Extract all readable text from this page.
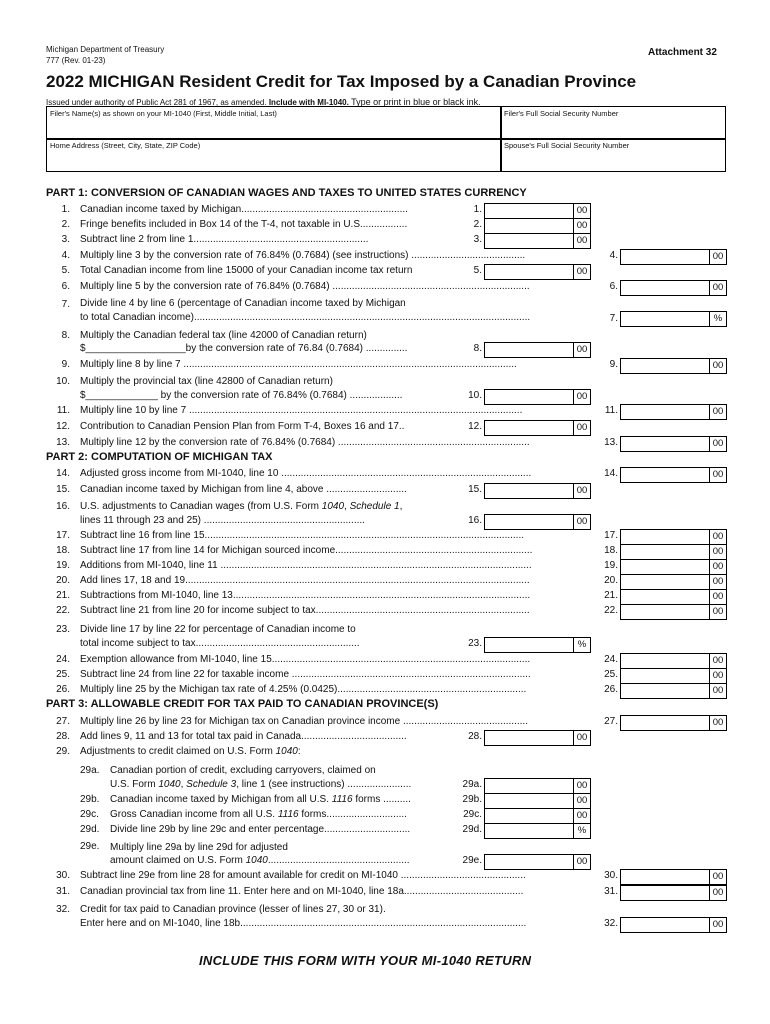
Michigan Department of Treasury
777 (Rev. 01-23)
Attachment 32
2022 MICHIGAN Resident Credit for Tax Imposed by a Canadian Province
Issued under authority of Public Act 281 of 1967, as amended. Include with MI-1040. Type or print in blue or black ink.
Filer's Name(s) as shown on your MI-1040 (First, Middle Initial, Last)	Filer's Full Social Security Number
Home Address (Street, City, State, ZIP Code)	Spouse's Full Social Security Number
PART 1: CONVERSION OF CANADIAN WAGES AND TAXES TO UNITED STATES CURRENCY
1. Canadian income taxed by Michigan............................................................	1.	00
2. Fringe benefits included in Box 14 of the T-4, not taxable in U.S.................	2.	00
3. Subtract line 2 from line 1...............................................................	3.	00
4. Multiply line 3 by the conversion rate of 76.84% (0.7684) (see instructions) .........................................	4.	00
5. Total Canadian income from line 15000 of your Canadian income tax return	5.	00
6. Multiply line 5 by the conversion rate of 76.84% (0.7684) .......................................................................	6.	00
7. Divide line 4 by line 6 (percentage of Canadian income taxed by Michigan
to total Canadian income).........................................................................................................................	7.	%
8. Multiply the Canadian federal tax (line 42000 of Canadian return)
$__________________by the conversion rate of 76.84 (0.7684) ...............	8.	00
9. Multiply line 8 by line 7 ........................................................................................................................	9.	00
10. Multiply the provincial tax (line 42800 of Canadian return)
$_____________ by the conversion rate of 76.84% (0.7684) ...................	10.	00
11. Multiply line 10 by line 7 ........................................................................................................................	11.	00
12. Contribution to Canadian Pension Plan from Form T-4, Boxes 16 and 17..	12.	00
13. Multiply line 12 by the conversion rate of 76.84% (0.7684) .....................................................................	13.	00
PART 2: COMPUTATION OF MICHIGAN TAX
14. Adjusted gross income from MI-1040, line 10 ..........................................................................................	14.	00
15. Canadian income taxed by Michigan from line 4, above .............................	15.	00
16. U.S. adjustments to Canadian wages (from U.S. Form 1040, Schedule 1,
lines 11 through 23 and 25) ..........................................................	16.	00
17. Subtract line 16 from line 15...................................................................................................................	17.	00
18. Subtract line 17 from line 14 for Michigan sourced income.......................................................................	18.	00
19. Additions from MI-1040, line 11 ................................................................................................................	19.	00
20. Add lines 17, 18 and 19............................................................................................................................	20.	00
21. Subtractions from MI-1040, line 13...........................................................................................................	21.	00
22. Subtract line 21 from line 20 for income subject to tax.............................................................................	22.	00
23. Divide line 17 by line 22 for percentage of Canadian income to
total income subject to tax...........................................................	23.	%
24. Exemption allowance from MI-1040, line 15.............................................................................................	24.	00
25. Subtract line 24 from line 22 for taxable income ......................................................................................	25.	00
26. Multiply line 25 by the Michigan tax rate of 4.25% (0.0425)....................................................................	26.	00
PART 3: ALLOWABLE CREDIT FOR TAX PAID TO CANADIAN PROVINCE(S)
27. Multiply line 26 by line 23 for Michigan tax on Canadian province income .............................................	27.	00
28. Add lines 9, 11 and 13 for total tax paid in Canada......................................	28.	00
29. Adjustments to credit claimed on U.S. Form 1040:
29a. Canadian portion of credit, excluding carryovers, claimed on
U.S. Form 1040, Schedule 3, line 1 (see instructions) .......................	29a.	00
29b. Canadian income taxed by Michigan from all U.S. 1116 forms ..........	29b.	00
29c. Gross Canadian income from all U.S. 1116 forms.............................	29c.	00
29d. Divide line 29b by line 29c and enter percentage...............................	29d.	%
29e. Multiply line 29a by line 29d for adjusted
amount claimed on U.S. Form 1040...................................................	29e.	00
30. Subtract line 29e from line 28 for amount available for credit on MI-1040 .............................................	30.	00
31. Canadian provincial tax from line 11. Enter here and on MI-1040, line 18a...........................................	31.	00
32. Credit for tax paid to Canadian province (lesser of lines 27, 30 or 31).
Enter here and on MI-1040, line 18b.......................................................................................................	32.	00
INCLUDE THIS FORM WITH YOUR MI-1040 RETURN
